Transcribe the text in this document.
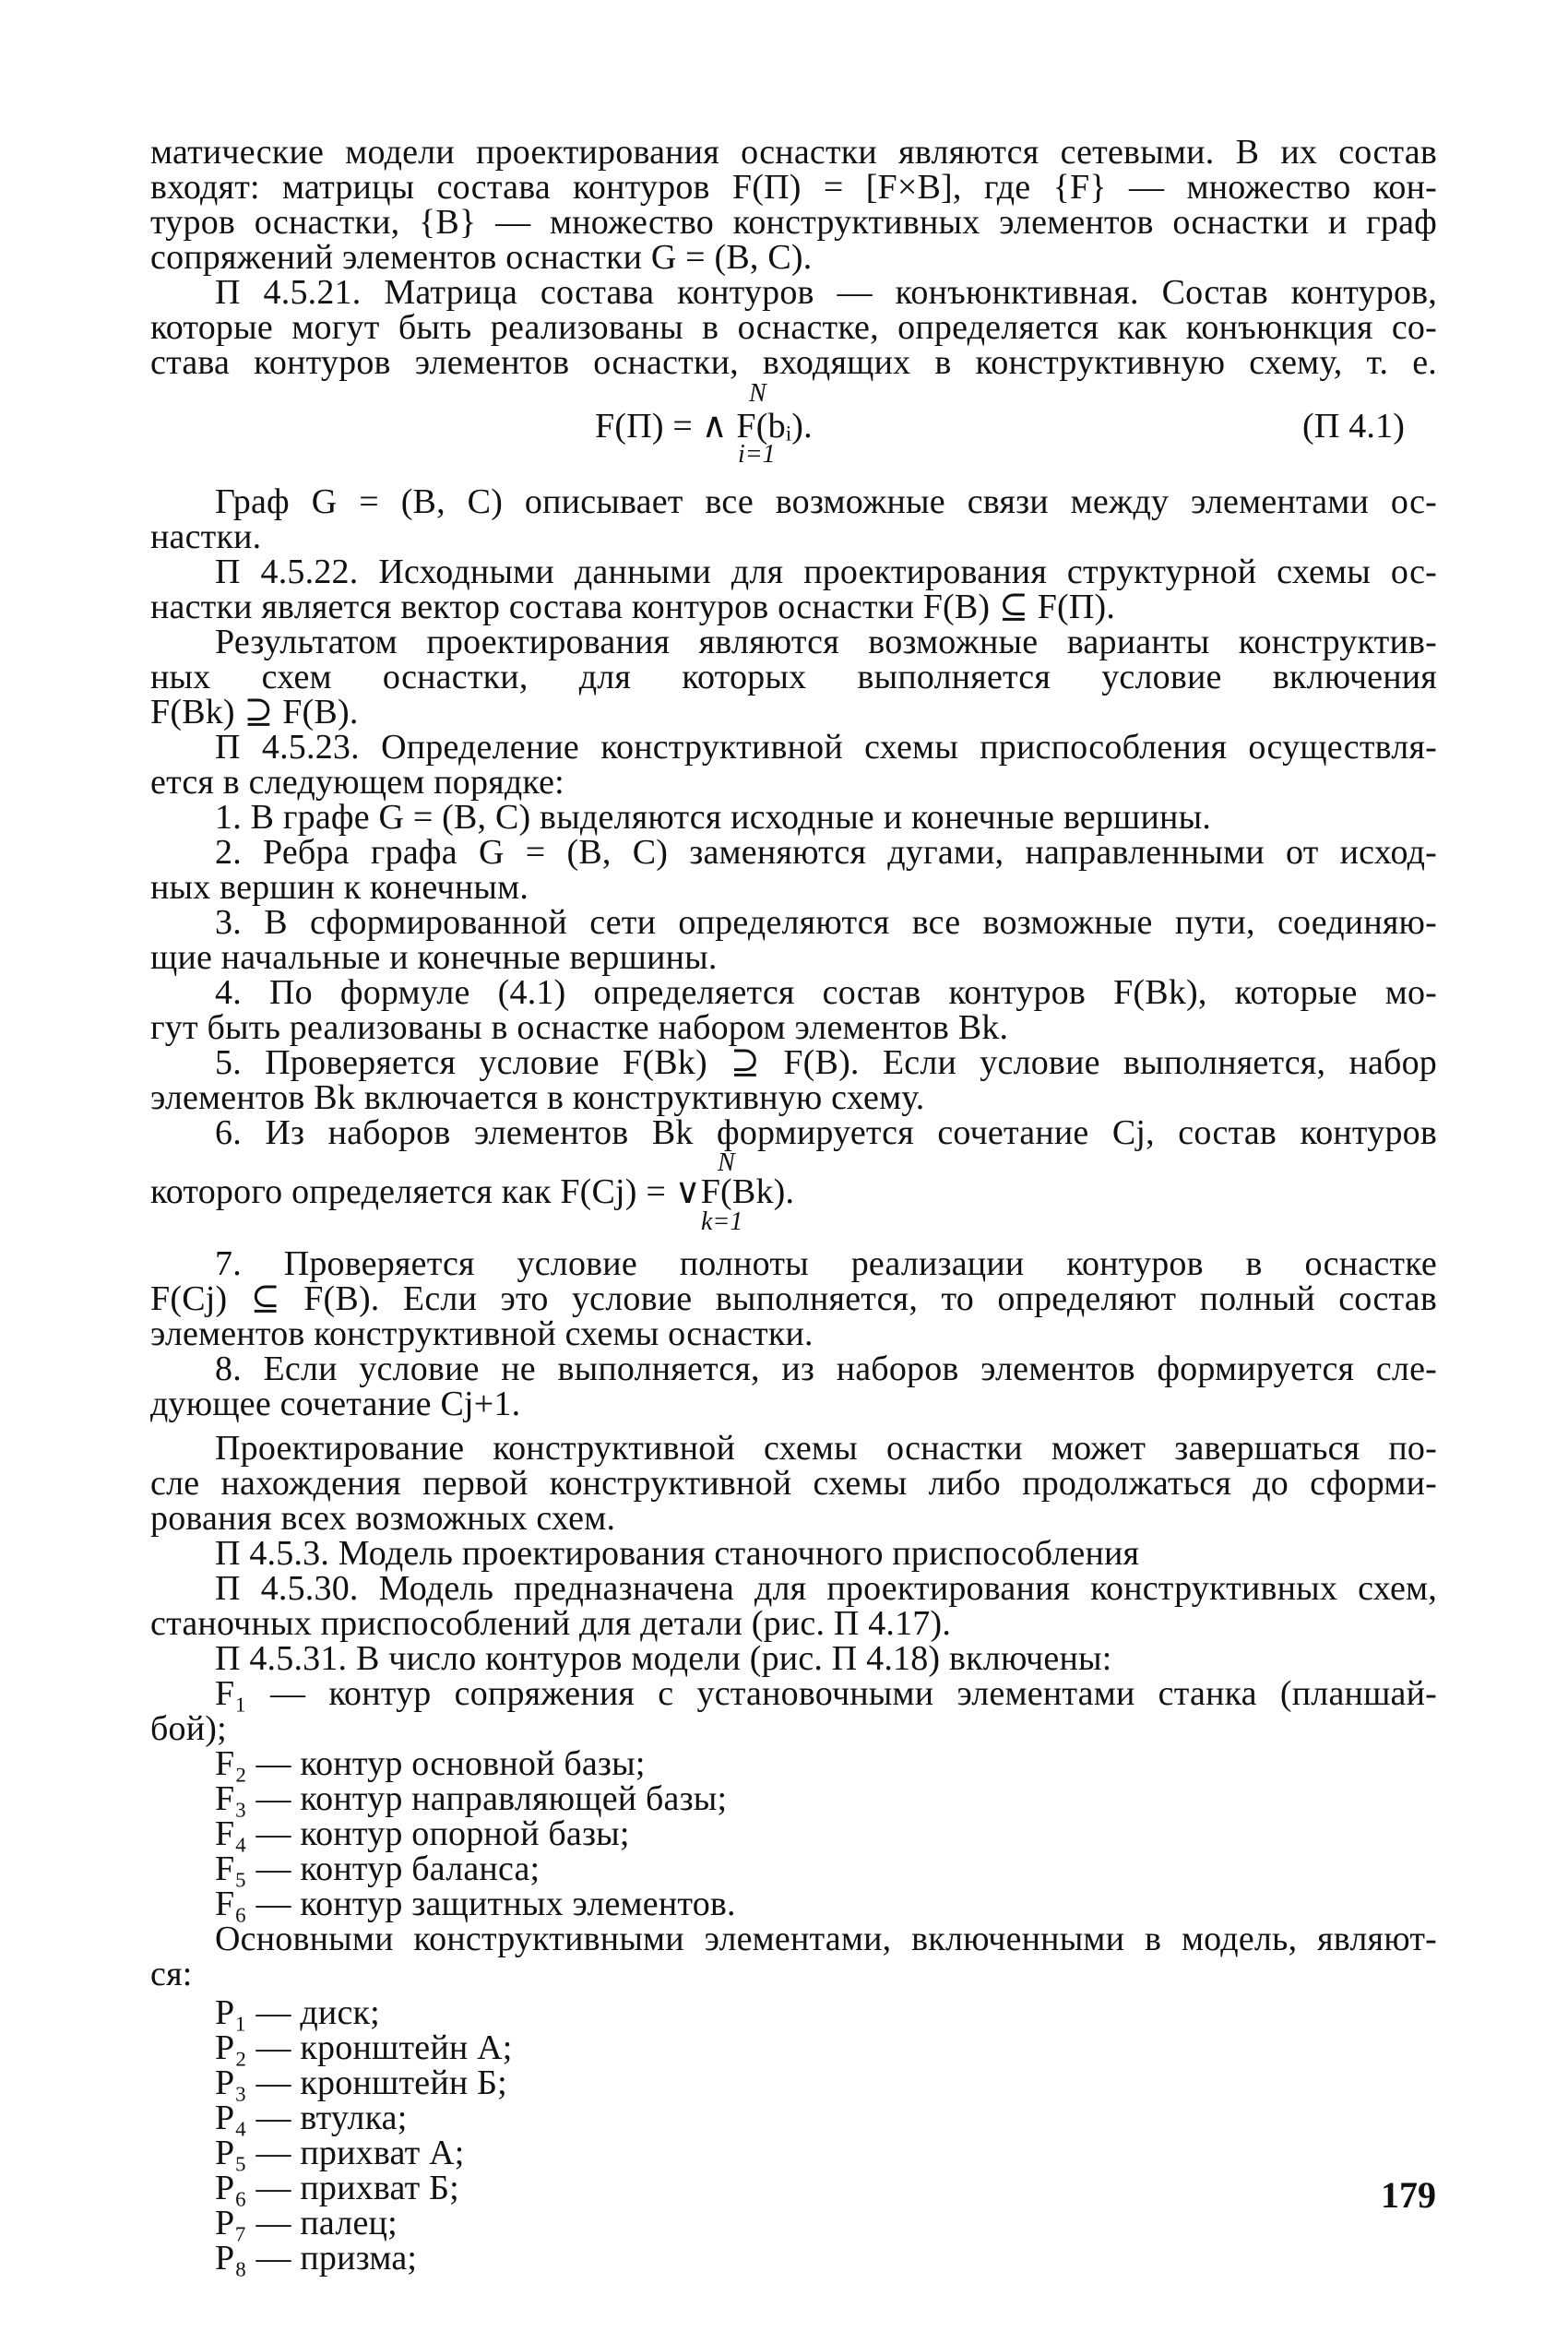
матические модели проектирования оснастки являются сетевыми. В их состав
входят: матрицы состава контуров F(П) = [F×B], где {F} — множество кон-
туров оснастки, {B} — множество конструктивных элементов оснастки и граф
сопряжений элементов оснастки G = (B, C).
П 4.5.21. Матрица состава контуров — конъюнктивная. Состав контуров,
которые могут быть реализованы в оснастке, определяется как конъюнкция со-
става контуров элементов оснастки, входящих в конструктивную схему, т. е.
N
F(П) = ∧ F(bᵢ).
i=1
(П 4.1)
Граф G = (B, C) описывает все возможные связи между элементами ос-
настки.
П 4.5.22. Исходными данными для проектирования структурной схемы ос-
настки является вектор состава контуров оснастки F(B) ⊆ F(П).
Результатом проектирования являются возможные варианты конструктив-
ных схем оснастки, для которых выполняется условие включения
F(Bk) ⊇ F(B).
П 4.5.23. Определение конструктивной схемы приспособления осуществля-
ется в следующем порядке:
1. В графе G = (B, C) выделяются исходные и конечные вершины.
2. Ребра графа G = (B, C) заменяются дугами, направленными от исход-
ных вершин к конечным.
3. В сформированной сети определяются все возможные пути, соединяю-
щие начальные и конечные вершины.
4. По формуле (4.1) определяется состав контуров F(Bk), которые мо-
гут быть реализованы в оснастке набором элементов Bk.
5. Проверяется условие F(Bk) ⊇ F(B). Если условие выполняется, набор
элементов Bk включается в конструктивную схему.
6. Из наборов элементов Bk формируется сочетание Cj, состав контуров
N
которого определяется как F(Cj) = ∨F(Bk).
k=1
7. Проверяется условие полноты реализации контуров в оснастке
F(Cj) ⊆ F(B). Если это условие выполняется, то определяют полный состав
элементов конструктивной схемы оснастки.
8. Если условие не выполняется, из наборов элементов формируется сле-
дующее сочетание Cj+1.
Проектирование конструктивной схемы оснастки может завершаться по-
сле нахождения первой конструктивной схемы либо продолжаться до сформи-
рования всех возможных схем.
П 4.5.3. Модель проектирования станочного приспособления
П 4.5.30. Модель предназначена для проектирования конструктивных схем,
станочных приспособлений для детали (рис. П 4.17).
П 4.5.31. В число контуров модели (рис. П 4.18) включены:
F₁ — контур сопряжения с установочными элементами станка (планшай-
бой);
F₂ — контур основной базы;
F₃ — контур направляющей базы;
F₄ — контур опорной базы;
F₅ — контур баланса;
F₆ — контур защитных элементов.
Основными конструктивными элементами, включенными в модель, являют-
ся:
P₁ — диск;
P₂ — кронштейн А;
P₃ — кронштейн Б;
P₄ — втулка;
P₅ — прихват А;
P₆ — прихват Б;
P₇ — палец;
P₈ — призма;
179
